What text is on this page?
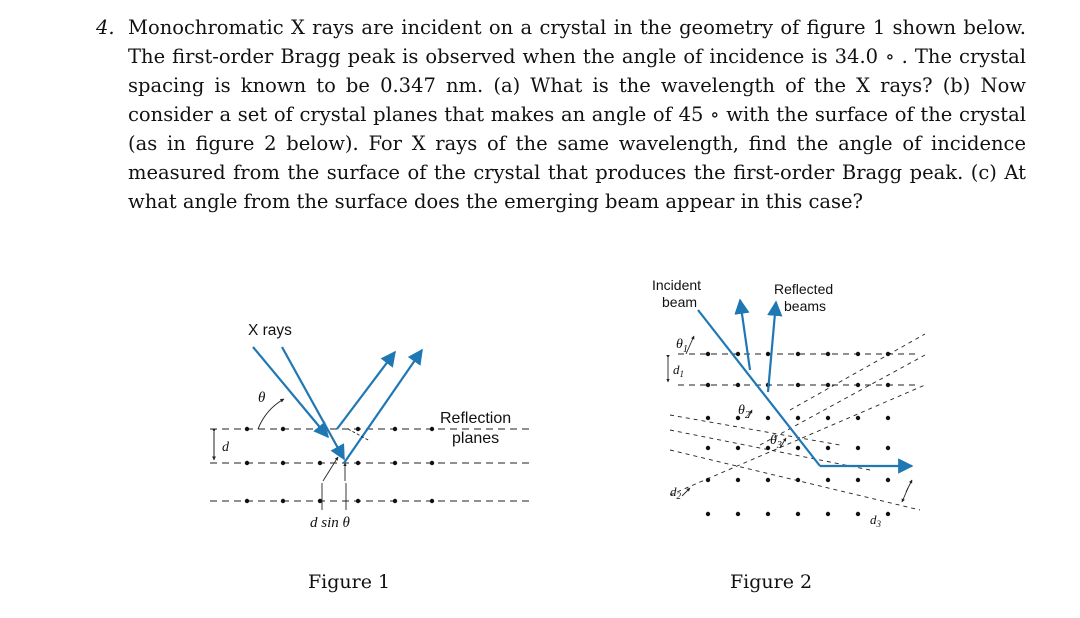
4. Monochromatic X rays are incident on a crystal in the geometry of figure 1 shown below. The first-order Bragg peak is observed when the angle of incidence is 34.0 ∘ . The crystal spacing is known to be 0.347 nm. (a) What is the wavelength of the X rays? (b) Now consider a set of crystal planes that makes an angle of 45 ∘ with the surface of the crystal (as in figure 2 below). For X rays of the same wavelength, find the angle of incidence measured from the surface of the crystal that produces the first-order Bragg peak. (c) At what angle from the surface does the emerging beam appear in this case?
d
θ
d sin θ
X rays
Reflection
planes
Figure 1
Incident
beam
Reflected
beams
$\theta_1$
$d_1$
$\theta_2$
$\theta_3$
$d_2$
$d_3$
Figure 2
